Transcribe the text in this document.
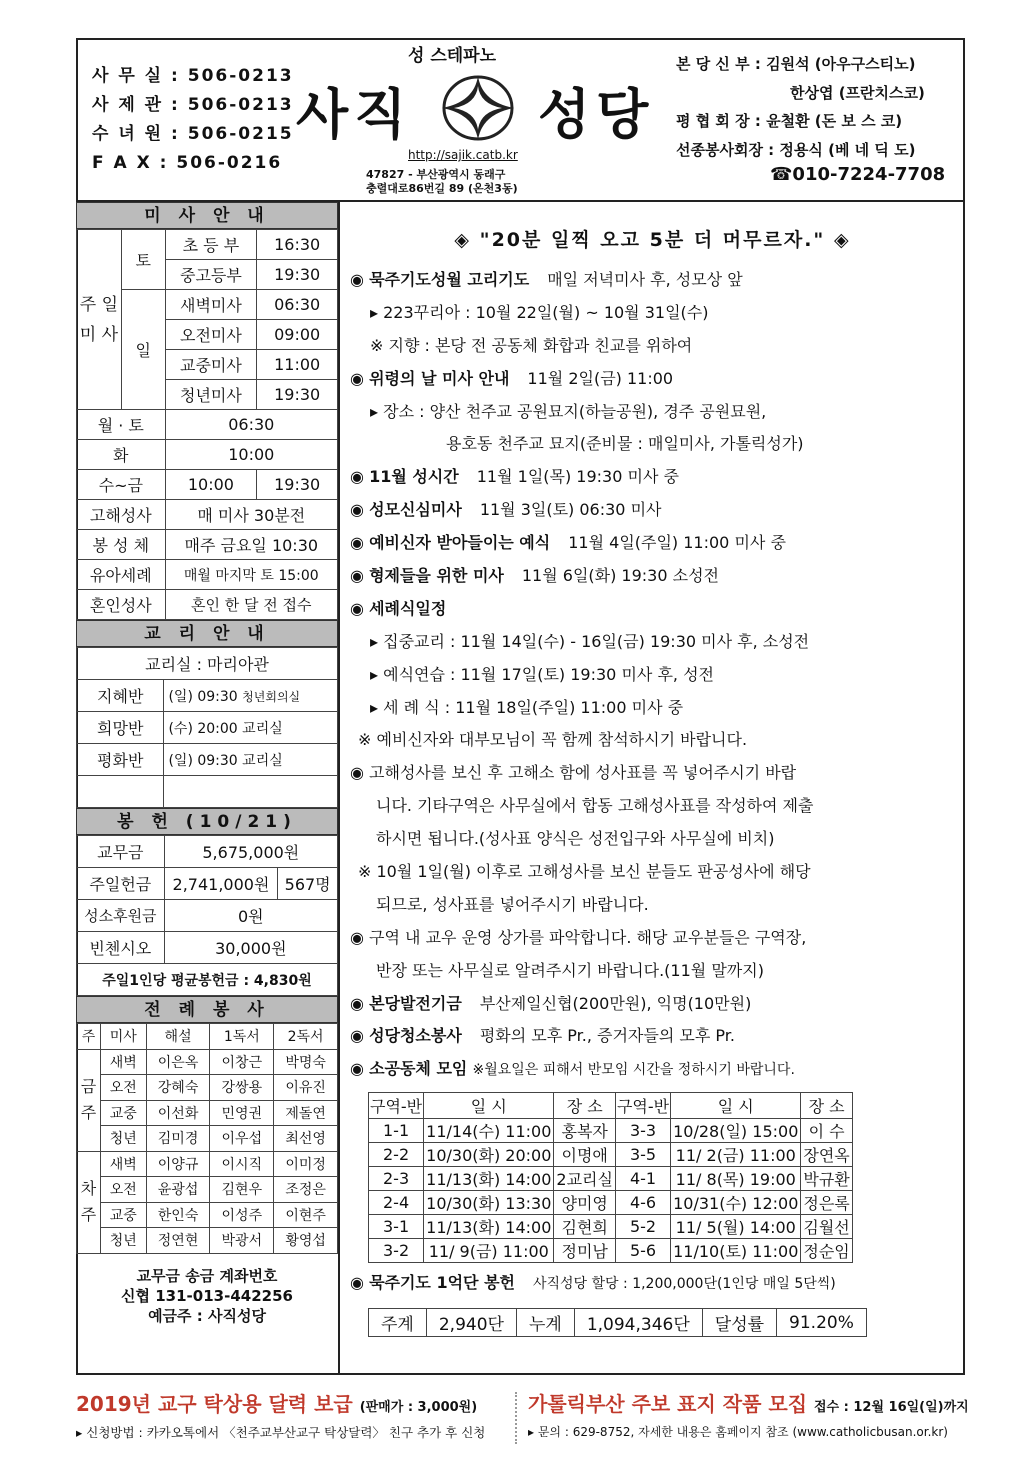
사 무 실 : 506-0213
사 제 관 : 506-0213
수 녀 원 : 506-0215
F A X : 506-0216
성 스테파노
사직 성당
http://sajik.catb.kr
47827 - 부산광역시 동래구
충렬대로86번길 89 (온천3동)
본 당 신 부 : 김원석 (아우구스티노)
한상엽 (프란치스코)
평 협 회 장 : 윤철환 (돈 보 스 코)
선종봉사회장 : 정용식 (베 네 딕 도)
☎010-7224-7708
미 사 안 내
주 일 미 사	토	초 등 부	16:30
		중고등부	19:30
	일	새벽미사	06:30
		오전미사	09:00
		교중미사	11:00
		청년미사	19:30
월 · 토		06:30	
화		10:00	
수~금		10:00	19:30
고해성사		매 미사 30분전	
봉 성 체		매주 금요일 10:30	
유아세례		매월 마지막 토 15:00	
혼인성사		혼인 한 달 전 접수	
교 리 안 내
교리실 : 마리아관	
지혜반	(일) 09:30 청년회의실
희망반	(수) 20:00 교리실
평화반	(일) 09:30 교리실

봉 헌 (10/21)
교무금	5,675,000원	
주일헌금	2,741,000원	567명
성소후원금	0원	
빈첸시오	30,000원	
주일1인당 평균봉헌금 : 4,830원		
전 례 봉 사
주	미사	해설	1독서	2독서
금 주	새벽	이은옥	이창근	박명숙
	오전	강혜숙	강쌍용	이유진
	교중	이선화	민영권	제돌연
	청년	김미경	이우섭	최선영
차 주	새벽	이양규	이시직	이미정
	오전	윤광섭	김현우	조정은
	교중	한인숙	이성주	이현주
	청년	정연현	박광서	황영섭
교무금 송금 계좌번호
신협 131-013-442256
예금주 : 사직성당
◈ "20분 일찍 오고 5분 더 머무르자." ◈
◉ 묵주기도성월 고리기도 매일 저녁미사 후, 성모상 앞
▸ 223꾸리아 : 10월 22일(월) ~ 10월 31일(수)
※ 지향 : 본당 전 공동체 화합과 친교를 위하여
◉ 위령의 날 미사 안내 11월 2일(금) 11:00
▸ 장소 : 양산 천주교 공원묘지(하늘공원), 경주 공원묘원,
용호동 천주교 묘지(준비물 : 매일미사, 가톨릭성가)
◉ 11월 성시간 11월 1일(목) 19:30 미사 중
◉ 성모신심미사 11월 3일(토) 06:30 미사
◉ 예비신자 받아들이는 예식 11월 4일(주일) 11:00 미사 중
◉ 형제들을 위한 미사 11월 6일(화) 19:30 소성전
◉ 세례식일정
▸ 집중교리 : 11월 14일(수) - 16일(금) 19:30 미사 후, 소성전
▸ 예식연습 : 11월 17일(토) 19:30 미사 후, 성전
▸ 세 례 식 : 11월 18일(주일) 11:00 미사 중
※ 예비신자와 대부모님이 꼭 함께 참석하시기 바랍니다.
◉ 고해성사를 보신 후 고해소 함에 성사표를 꼭 넣어주시기 바랍
니다. 기타구역은 사무실에서 합동 고해성사표를 작성하여 제출
하시면 됩니다.(성사표 양식은 성전입구와 사무실에 비치)
※ 10월 1일(월) 이후로 고해성사를 보신 분들도 판공성사에 해당
되므로, 성사표를 넣어주시기 바랍니다.
◉ 구역 내 교우 운영 상가를 파악합니다. 해당 교우분들은 구역장,
반장 또는 사무실로 알려주시기 바랍니다.(11월 말까지)
◉ 본당발전기금 부산제일신협(200만원), 익명(10만원)
◉ 성당청소봉사 평화의 모후 Pr., 증거자들의 모후 Pr.
◉ 소공동체 모임 ※월요일은 피해서 반모임 시간을 정하시기 바랍니다.
구역-반	일 시	장 소	구역-반	일 시	장 소
1-1	11/14(수) 11:00	홍복자	3-3	10/28(일) 15:00	이 수
2-2	10/30(화) 20:00	이명애	3-5	11/ 2(금) 11:00	장연옥
2-3	11/13(화) 14:00	2교리실	4-1	11/ 8(목) 19:00	박규환
2-4	10/30(화) 13:30	양미영	4-6	10/31(수) 12:00	정은록
3-1	11/13(화) 14:00	김현희	5-2	11/ 5(월) 14:00	김월선
3-2	11/ 9(금) 11:00	정미남	5-6	11/10(토) 11:00	정순임
◉ 묵주기도 1억단 봉헌 사직성당 할당 : 1,200,000단(1인당 매일 5단씩)
주계	2,940단	누계	1,094,346단	달성률	91.20%
2019년 교구 탁상용 달력 보급 (판매가 : 3,000원)
▸ 신청방법 : 카카오톡에서 〈천주교부산교구 탁상달력〉 친구 추가 후 신청
가톨릭부산 주보 표지 작품 모집 접수 : 12월 16일(일)까지
▸ 문의 : 629-8752, 자세한 내용은 홈페이지 참조 (www.catholicbusan.or.kr)
